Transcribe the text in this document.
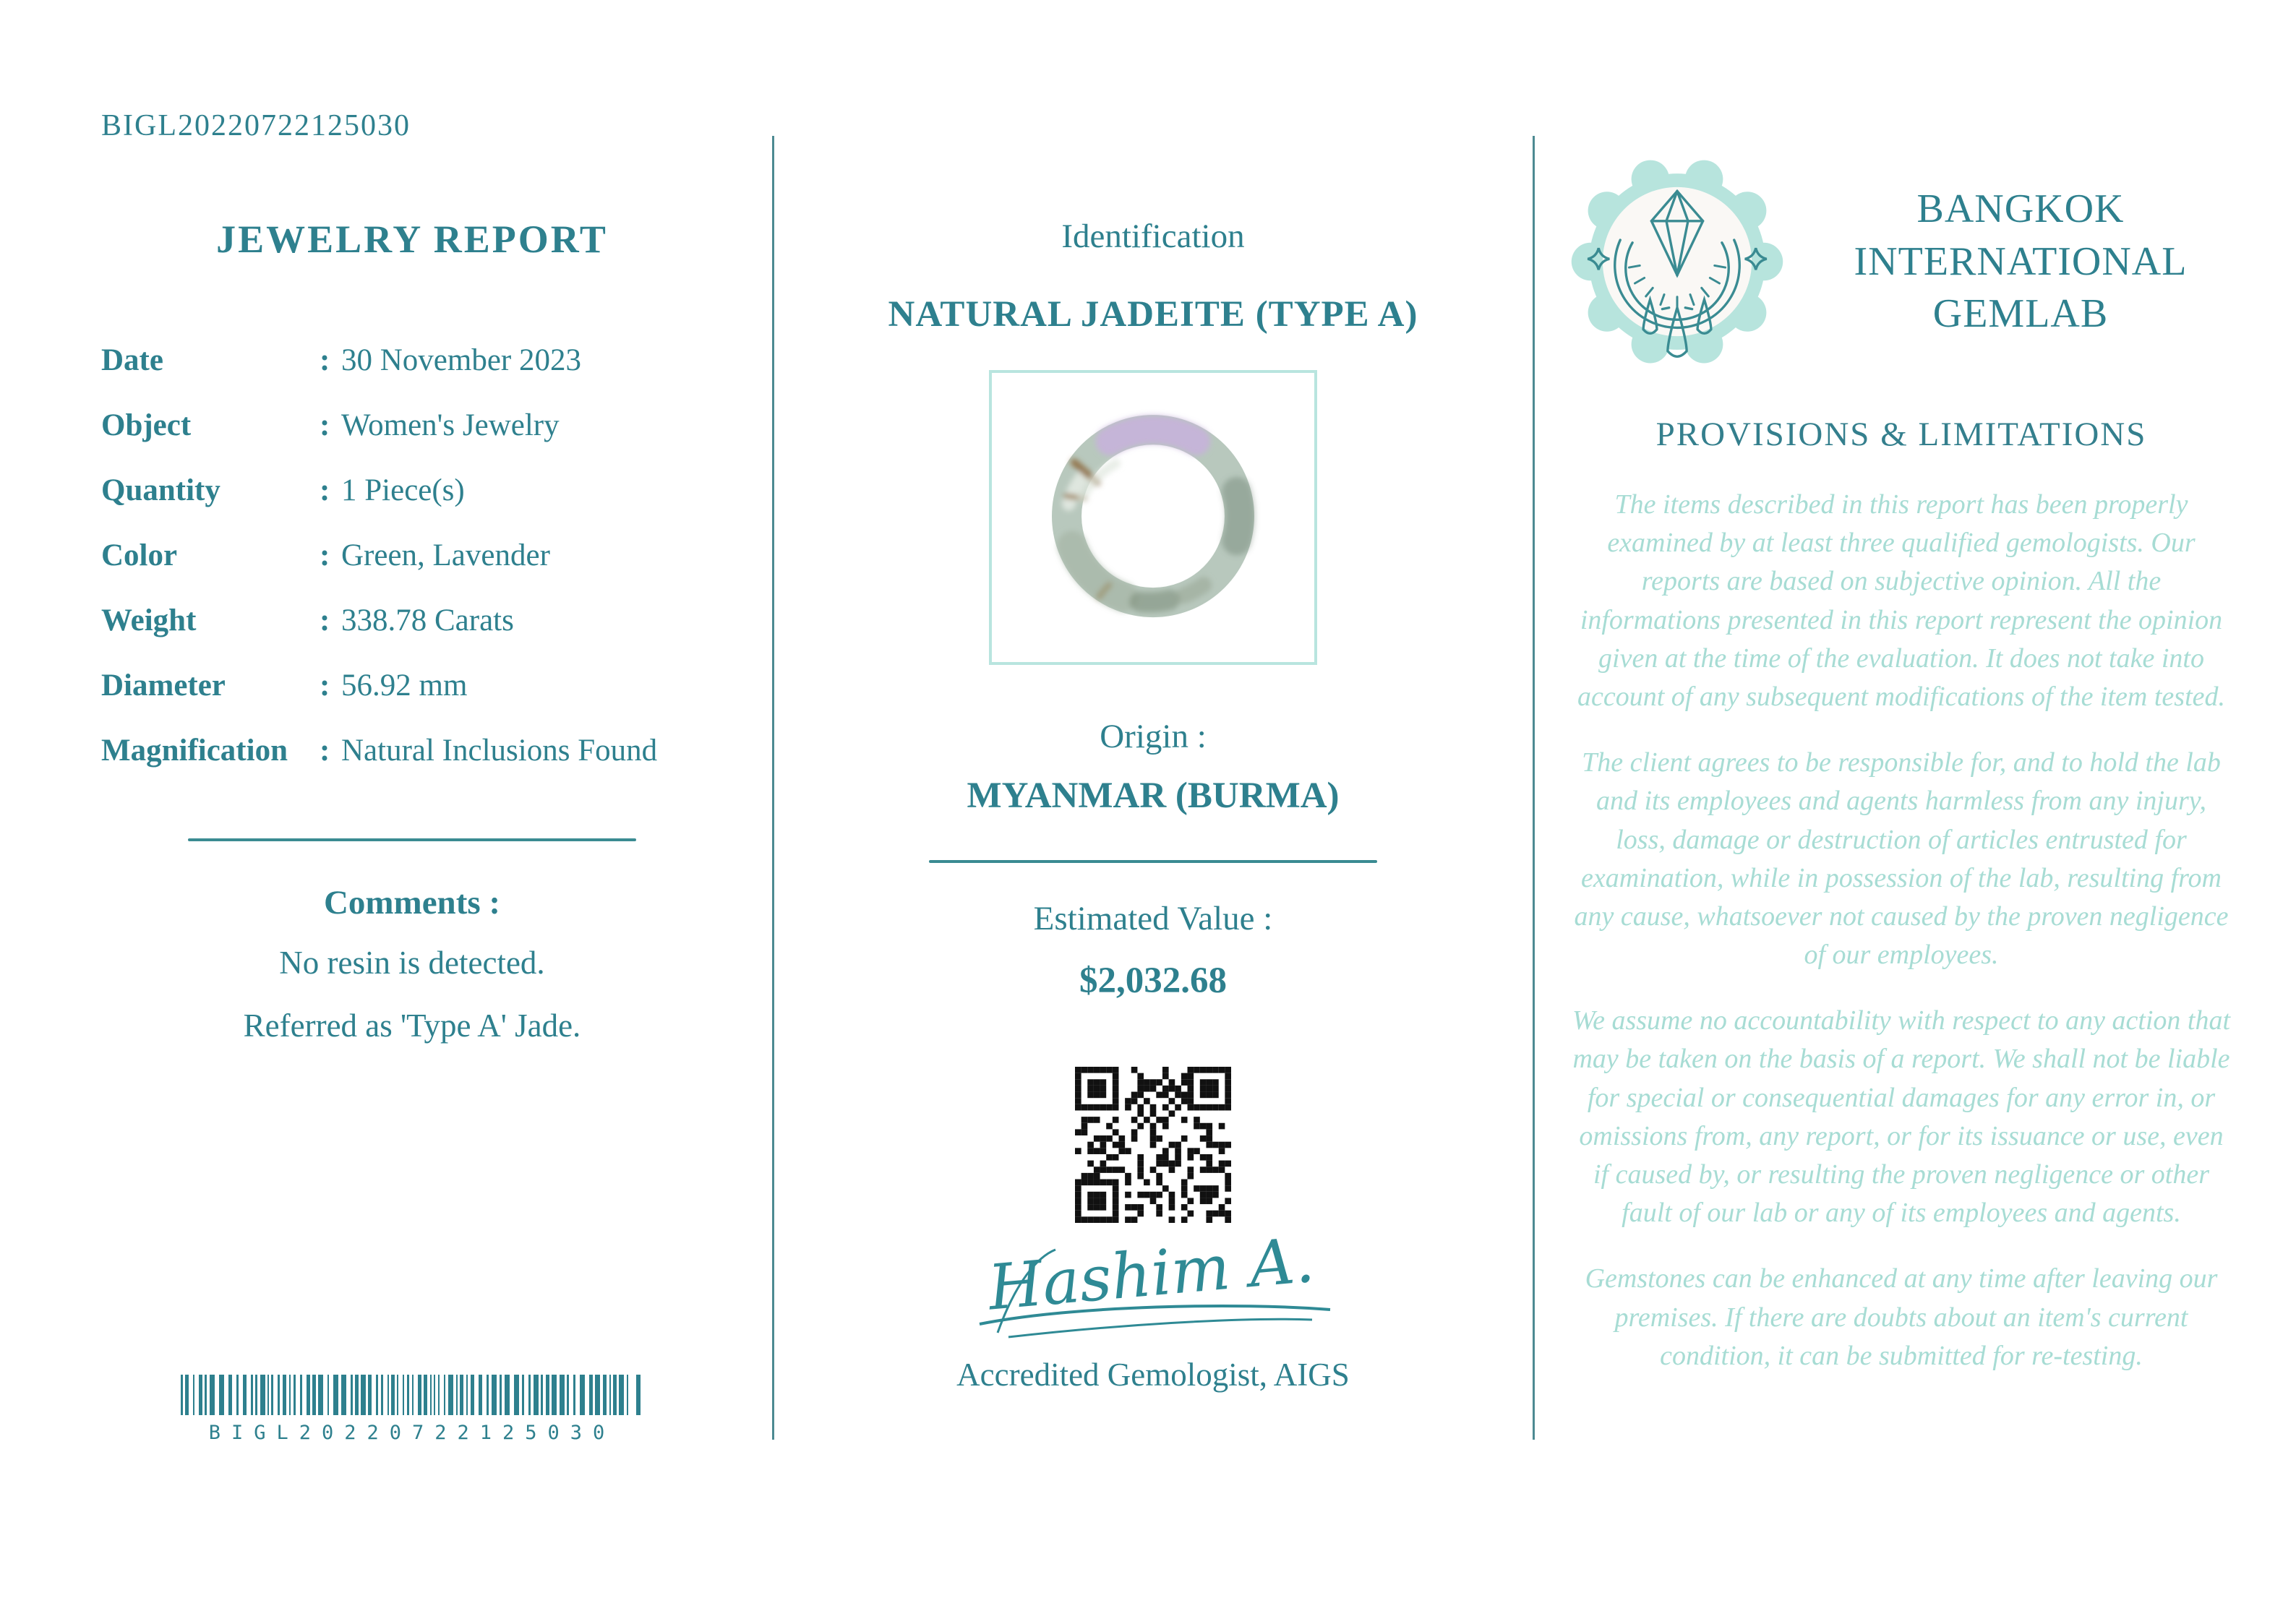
BIGL20220722125030
JEWELRY REPORT
Date	: 30 November 2023
Object	: Women's Jewelry
Quantity	: 1 Piece(s)
Color	: Green, Lavender
Weight	: 338.78 Carats
Diameter	: 56.92 mm
Magnification	: Natural Inclusions Found
Comments :
No resin is detected.
Referred as 'Type A' Jade.
BIGL20220722125030
Identification
NATURAL JADEITE (TYPE A)
Origin :
MYANMAR (BURMA)
Estimated Value :
$2,032.68
Hashim A.
Accredited Gemologist, AIGS
BANGKOK INTERNATIONAL GEMLAB
PROVISIONS & LIMITATIONS

The items described in this report has been properly examined by at least three qualified gemologists. Our reports are based on subjective opinion. All the informations presented in this report represent the opinion given at the time of the evaluation. It does not take into account of any subsequent modifications of the item tested.

The client agrees to be responsible for, and to hold the lab and its employees and agents harmless from any injury, loss, damage or destruction of articles entrusted for examination, while in possession of the lab, resulting from any cause, whatsoever not caused by the proven negligence of our employees.

We assume no accountability with respect to any action that may be taken on the basis of a report. We shall not be liable for special or consequential damages for any error in, or omissions from, any report, or for its issuance or use, even if caused by, or resulting the proven negligence or other fault of our lab or any of its employees and agents.

Gemstones can be enhanced at any time after leaving our premises. If there are doubts about an item's current condition, it can be submitted for re-testing.
